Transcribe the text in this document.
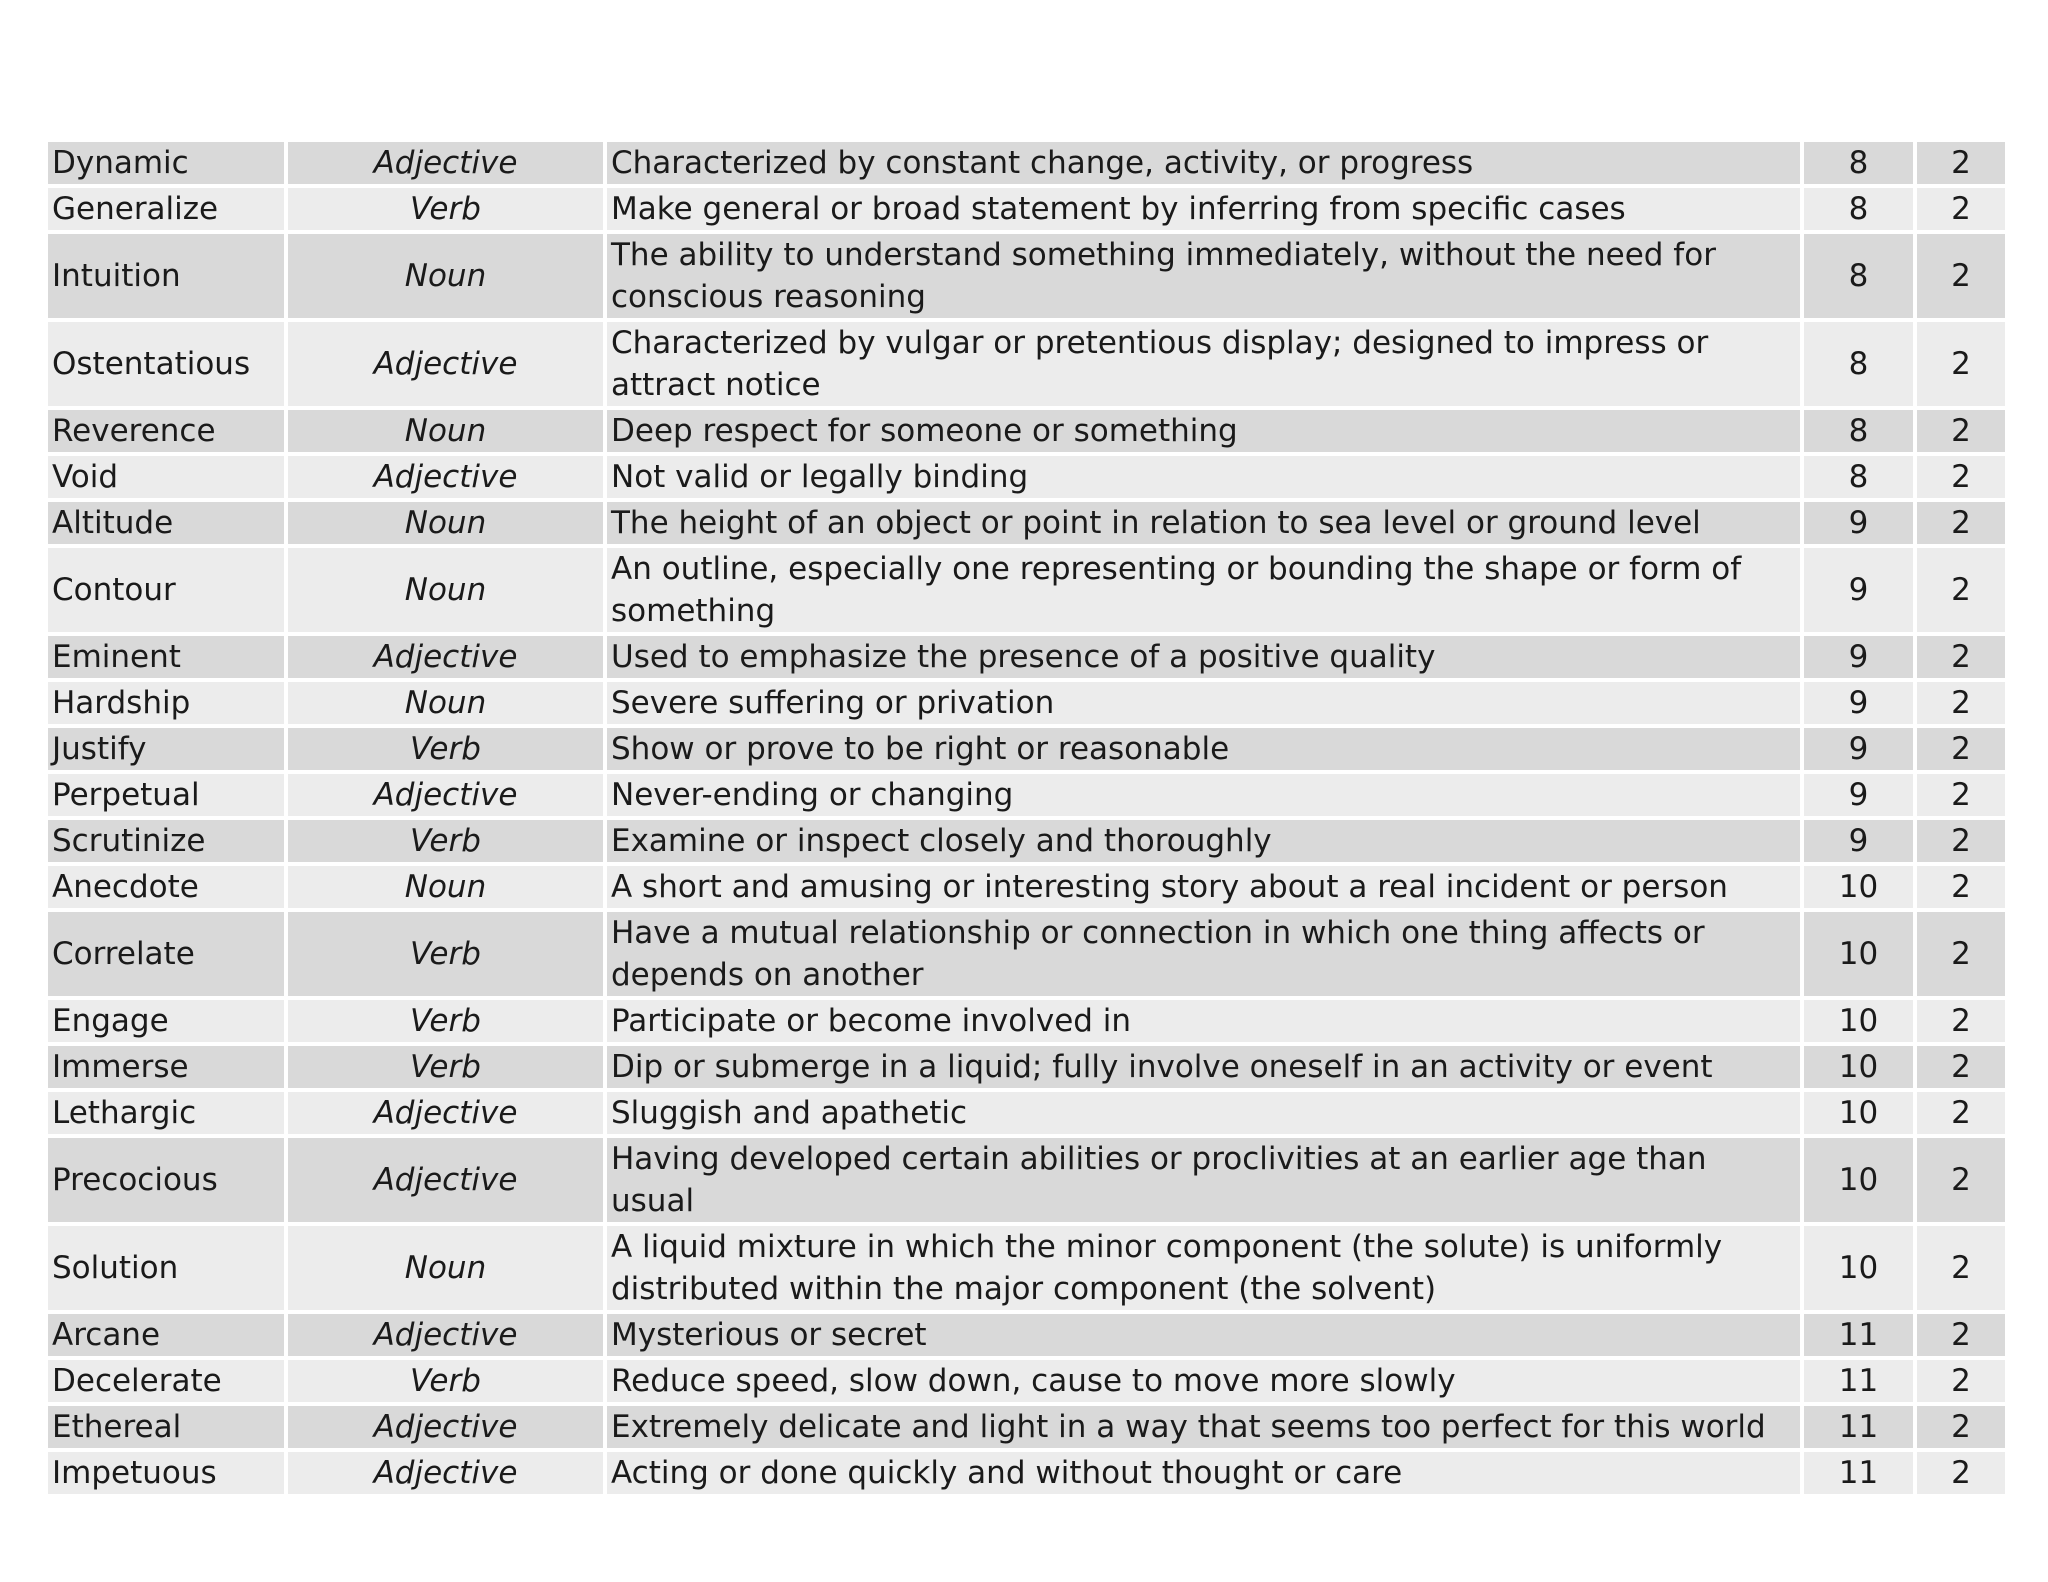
Dynamic	Adjective	Characterized by constant change, activity, or progress	8	2
Generalize	Verb	Make general or broad statement by inferring from specific cases	8	2
Intuition	Noun	The ability to understand something immediately, without the need for conscious reasoning	8	2
Ostentatious	Adjective	Characterized by vulgar or pretentious display; designed to impress or attract notice	8	2
Reverence	Noun	Deep respect for someone or something	8	2
Void	Adjective	Not valid or legally binding	8	2
Altitude	Noun	The height of an object or point in relation to sea level or ground level	9	2
Contour	Noun	An outline, especially one representing or bounding the shape or form of something	9	2
Eminent	Adjective	Used to emphasize the presence of a positive quality	9	2
Hardship	Noun	Severe suffering or privation	9	2
Justify	Verb	Show or prove to be right or reasonable	9	2
Perpetual	Adjective	Never-ending or changing	9	2
Scrutinize	Verb	Examine or inspect closely and thoroughly	9	2
Anecdote	Noun	A short and amusing or interesting story about a real incident or person	10	2
Correlate	Verb	Have a mutual relationship or connection in which one thing affects or depends on another	10	2
Engage	Verb	Participate or become involved in	10	2
Immerse	Verb	Dip or submerge in a liquid; fully involve oneself in an activity or event	10	2
Lethargic	Adjective	Sluggish and apathetic	10	2
Precocious	Adjective	Having developed certain abilities or proclivities at an earlier age than usual	10	2
Solution	Noun	A liquid mixture in which the minor component (the solute) is uniformly distributed within the major component (the solvent)	10	2
Arcane	Adjective	Mysterious or secret	11	2
Decelerate	Verb	Reduce speed, slow down, cause to move more slowly	11	2
Ethereal	Adjective	Extremely delicate and light in a way that seems too perfect for this world	11	2
Impetuous	Adjective	Acting or done quickly and without thought or care	11	2
